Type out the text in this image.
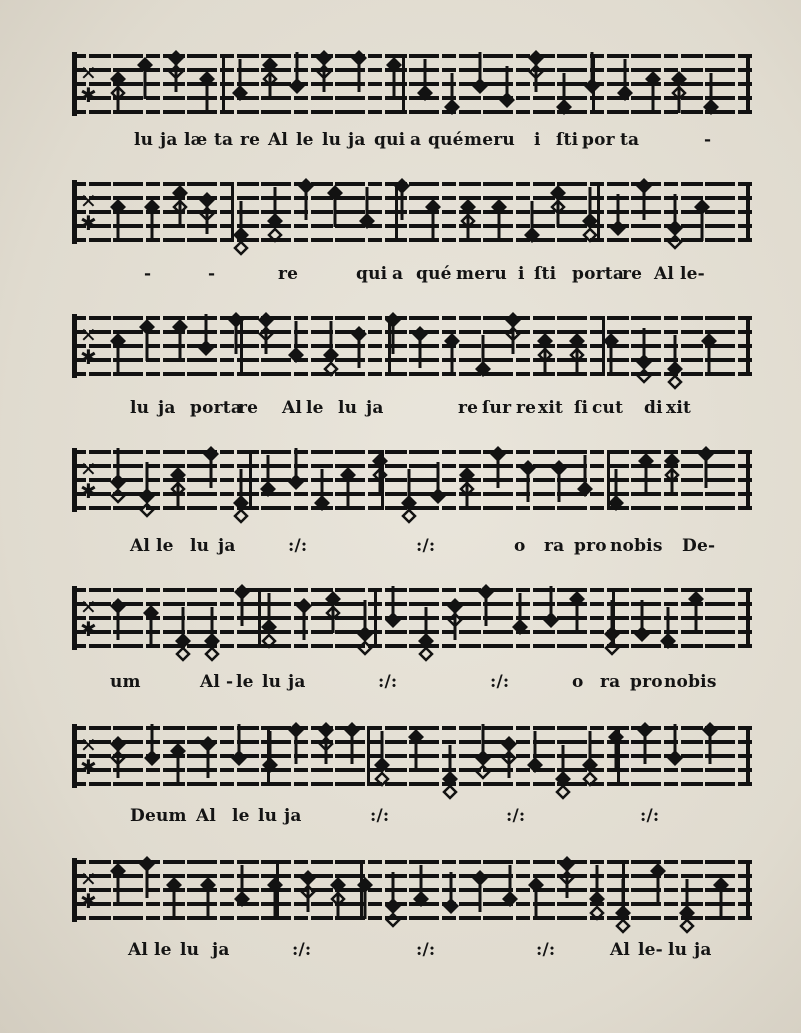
✕
✱
lu ja læ ta re Al le lu ja qui a qué meru i ſti por ta	-
✕
✱
-	-	re	qui a qué meru i ſti porta
re Al le-
✕
✱
lu ja porta
re Al le lu ja	re ſur re xit ſi cut di xit
✕
✱
Al le lu ja	:/:	:/:	o ra pro nobis De-
✕
✱
um	Al - le lu ja	:/:	:/:	o ra pro nobis
✕
✱
Deum Al le lu ja	:/:	:/:	:/:
✕
✱
Al le lu ja	:/:	:/:	:/:	Al le- lu ja
